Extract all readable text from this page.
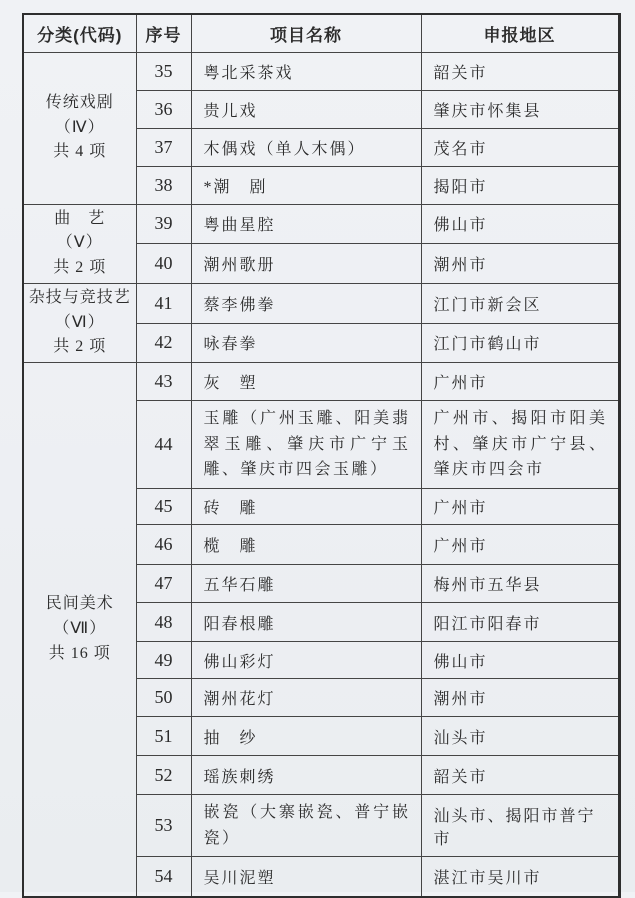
分类(代码)	序号	项目名称	申报地区

传统戏剧
（Ⅳ）
共 4 项	35	粤北采茶戏	韶关市
	36	贵儿戏	肇庆市怀集县
	37	木偶戏（单人木偶）	茂名市
	38	*潮　剧	揭阳市

曲　艺
（Ⅴ）
共 2 项	39	粤曲星腔	佛山市
	40	潮州歌册	潮州市

杂技与竞技艺
（Ⅵ）
共 2 项	41	蔡李佛拳	江门市新会区
	42	咏春拳	江门市鹤山市

民间美术
（Ⅶ）
共 16 项	43	灰　塑	广州市
	44	玉雕（广州玉雕、阳美翡翠玉雕、肇庆市广宁玉雕、肇庆市四会玉雕）	广州市、揭阳市阳美村、肇庆市广宁县、肇庆市四会市
	45	砖　雕	广州市
	46	榄　雕	广州市
	47	五华石雕	梅州市五华县
	48	阳春根雕	阳江市阳春市
	49	佛山彩灯	佛山市
	50	潮州花灯	潮州市
	51	抽　纱	汕头市
	52	瑶族刺绣	韶关市
	53	嵌瓷（大寨嵌瓷、普宁嵌瓷）	汕头市、揭阳市普宁市
	54	吴川泥塑	湛江市吴川市
